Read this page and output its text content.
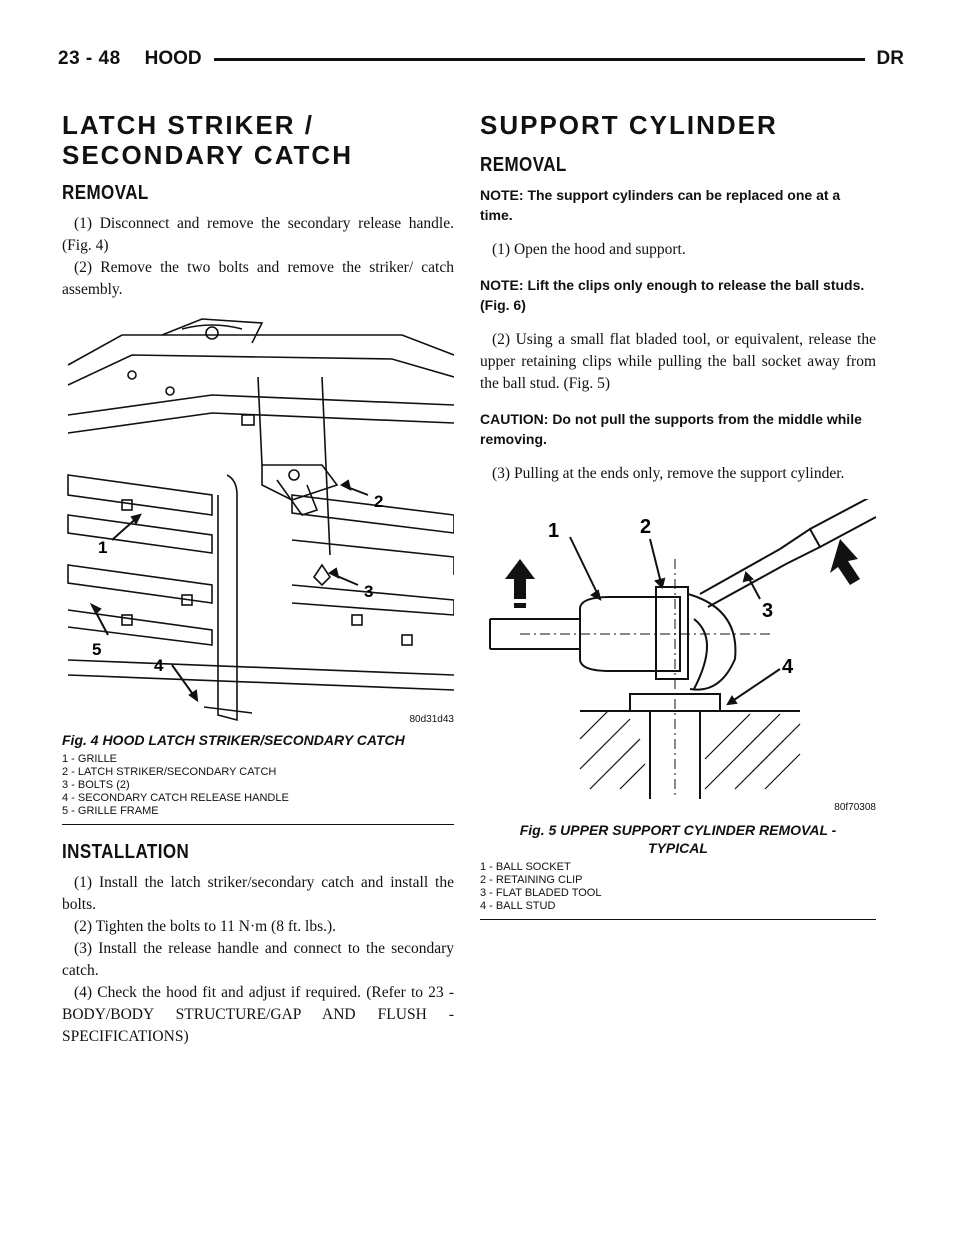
23 - 48 HOOD	DR
LATCH STRIKER /
SECONDARY CATCH
REMOVAL

(1) Disconnect and remove the secondary release handle. (Fig. 4)

(2) Remove the two bolts and remove the striker/ catch assembly.

1
2
3
4
5
80d31d43
Fig. 4 HOOD LATCH STRIKER/SECONDARY CATCH
1 - GRILLE
2 - LATCH STRIKER/SECONDARY CATCH
3 - BOLTS (2)
4 - SECONDARY CATCH RELEASE HANDLE
5 - GRILLE FRAME
INSTALLATION

(1) Install the latch striker/secondary catch and install the bolts.

(2) Tighten the bolts to 11 N·m (8 ft. lbs.).

(3) Install the release handle and connect to the secondary catch.

(4) Check the hood fit and adjust if required. (Refer to 23 - BODY/BODY STRUCTURE/GAP AND FLUSH - SPECIFICATIONS)

SUPPORT CYLINDER
REMOVAL

NOTE: The support cylinders can be replaced one at a time.

(1) Open the hood and support.

NOTE: Lift the clips only enough to release the ball studs. (Fig. 6)

(2) Using a small flat bladed tool, or equivalent, release the upper retaining clips while pulling the ball socket away from the ball stud. (Fig. 5)

CAUTION: Do not pull the supports from the middle while removing.

(3) Pulling at the ends only, remove the support cylinder.

1	2
3
4
80f70308
Fig. 5 UPPER SUPPORT CYLINDER REMOVAL -
TYPICAL
1 - BALL SOCKET
2 - RETAINING CLIP
3 - FLAT BLADED TOOL
4 - BALL STUD
